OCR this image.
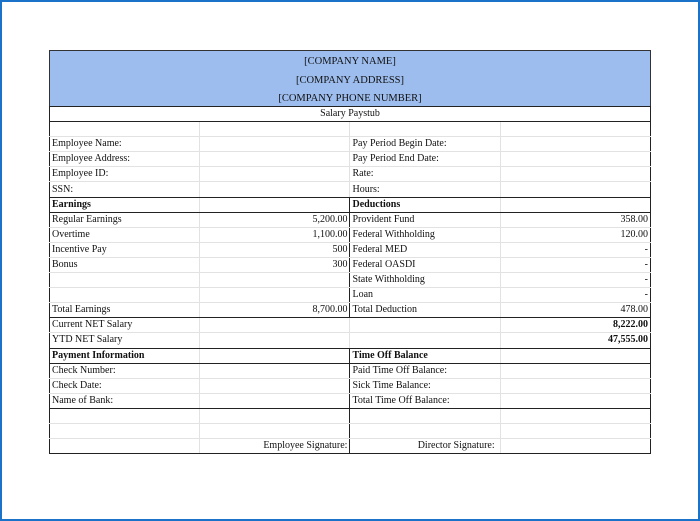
[COMPANY NAME]
[COMPANY ADDRESS]
[COMPANY PHONE NUMBER]
Salary Paystub

Employee Name:		Pay Period Begin Date:	
Employee Address:		Pay Period End Date:	
Employee ID:		Rate:	
SSN:		Hours:	
Earnings		Deductions	
Regular Earnings	5,200.00	Provident Fund	358.00
Overtime	1,100.00	Federal Withholding	120.00
Incentive Pay	500	Federal MED	-
Bonus	300	Federal OASDI	-
		State Withholding	-
		Loan	-
Total Earnings	8,700.00	Total Deduction	478.00
Current NET Salary			8,222.00
YTD NET Salary			47,555.00
Payment Information		Time Off Balance	
Check Number:		Paid Time Off Balance:	
Check Date:		Sick Time Balance:	
Name of Bank:		Total Time Off Balance:	

	Employee Signature:		Director Signature:
